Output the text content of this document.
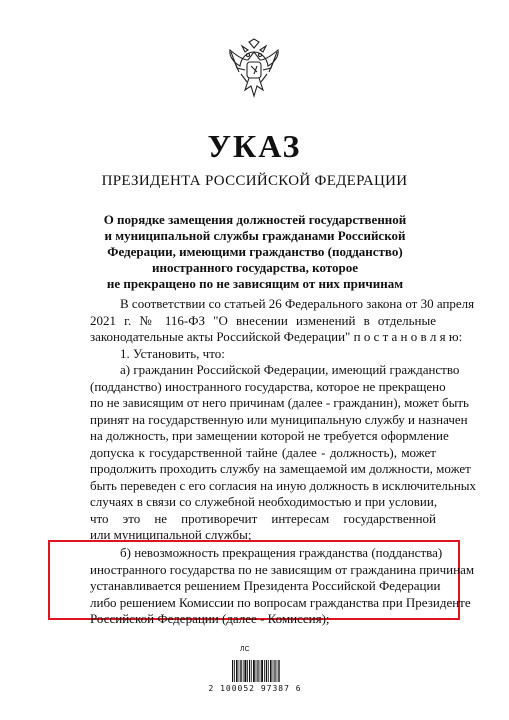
УКАЗ
ПРЕЗИДЕНТА РОССИЙСКОЙ ФЕДЕРАЦИИ
О порядке замещения должностей государственной
и муниципальной службы гражданами Российской
Федерации, имеющими гражданство (подданство)
иностранного государства, которое
не прекращено по не зависящим от них причинам
В соответствии со статьей 26 Федерального закона от 30 апреля
2021 г. № 116-ФЗ "О внесении изменений в отдельные
законодательные акты Российской Федерации" п о с т а н о в л я ю:
1. Установить, что:
а) гражданин Российской Федерации, имеющий гражданство
(подданство) иностранного государства, которое не прекращено
по не зависящим от него причинам (далее - гражданин), может быть
принят на государственную или муниципальную службу и назначен
на должность, при замещении которой не требуется оформление
допуска к государственной тайне (далее - должность), может
продолжить проходить службу на замещаемой им должности, может
быть переведен с его согласия на иную должность в исключительных
случаях в связи со служебной необходимостью и при условии,
что это не противоречит интересам государственной
или муниципальной службы;
б) невозможность прекращения гражданства (подданства)
иностранного государства по не зависящим от гражданина причинам
устанавливается решением Президента Российской Федерации
либо решением Комиссии по вопросам гражданства при Президенте
Российской Федерации (далее - Комиссия);
ЛС
2 100052 97387 6
